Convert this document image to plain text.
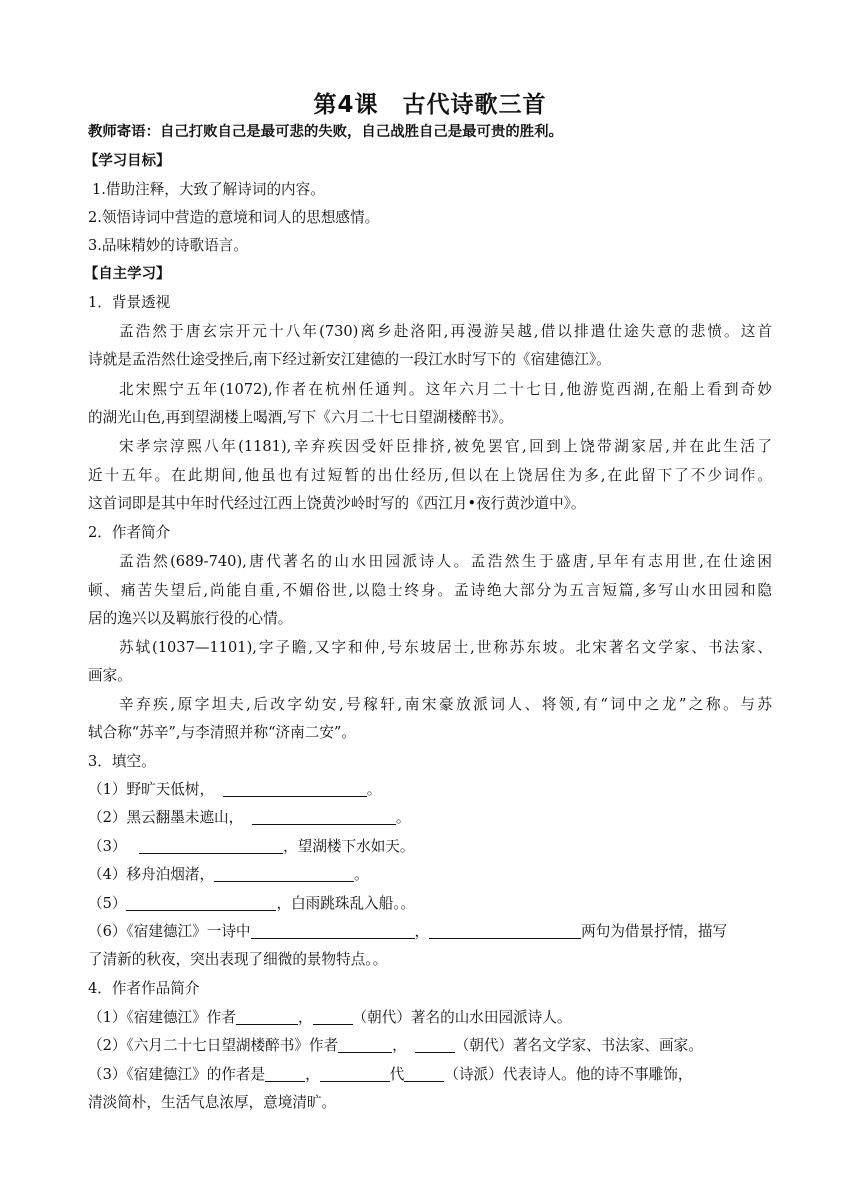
第4课　古代诗歌三首
教师寄语：自己打败自己是最可悲的失败，自己战胜自己是最可贵的胜利。
【学习目标】
1.借助注释，大致了解诗词的内容。
2.领悟诗词中营造的意境和词人的思想感情。
3.品味精妙的诗歌语言。
【自主学习】
1．背景透视
孟浩然于唐玄宗开元十八年(730)离乡赴洛阳,再漫游吴越,借以排遣仕途失意的悲愤。这首
诗就是孟浩然仕途受挫后,南下经过新安江建德的一段江水时写下的《宿建德江》。
北宋熙宁五年(1072),作者在杭州任通判。这年六月二十七日,他游览西湖,在船上看到奇妙
的湖光山色,再到望湖楼上喝酒,写下《六月二十七日望湖楼醉书》。
宋孝宗淳熙八年(1181),辛弃疾因受奸臣排挤,被免罢官,回到上饶带湖家居,并在此生活了
近十五年。在此期间,他虽也有过短暂的出仕经历,但以在上饶居住为多,在此留下了不少词作。
这首词即是其中年时代经过江西上饶黄沙岭时写的《西江月•夜行黄沙道中》。
2．作者简介
孟浩然(689-740),唐代著名的山水田园派诗人。孟浩然生于盛唐,早年有志用世,在仕途困
顿、痛苦失望后,尚能自重,不媚俗世,以隐士终身。孟诗绝大部分为五言短篇,多写山水田园和隐
居的逸兴以及羁旅行役的心情。
苏轼(1037—1101),字子瞻,又字和仲,号东坡居士,世称苏东坡。北宋著名文学家、书法家、
画家。
辛弃疾,原字坦夫,后改字幼安,号稼轩,南宋豪放派词人、将领,有“词中之龙”之称。与苏
轼合称“苏辛”,与李清照并称“济南二安”。
3．填空。
（1）野旷天低树，	。
（2）黑云翻墨未遮山，	。
（3）	，望湖楼下水如天。
（4）移舟泊烟渚，	。
（5）	，白雨跳珠乱入船。。
（6）《宿建德江》一诗中	，	两句为借景抒情，描写
了清新的秋夜，突出表现了细微的景物特点。。
4．作者作品简介
（1）《宿建德江》作者	，	（朝代）著名的山水田园派诗人。
（2）《六月二十七日望湖楼醉书》作者	，	（朝代）著名文学家、书法家、画家。
（3）《宿建德江》的作者是	，	代	（诗派）代表诗人。他的诗不事雕饰，
清淡简朴，生活气息浓厚，意境清旷。
